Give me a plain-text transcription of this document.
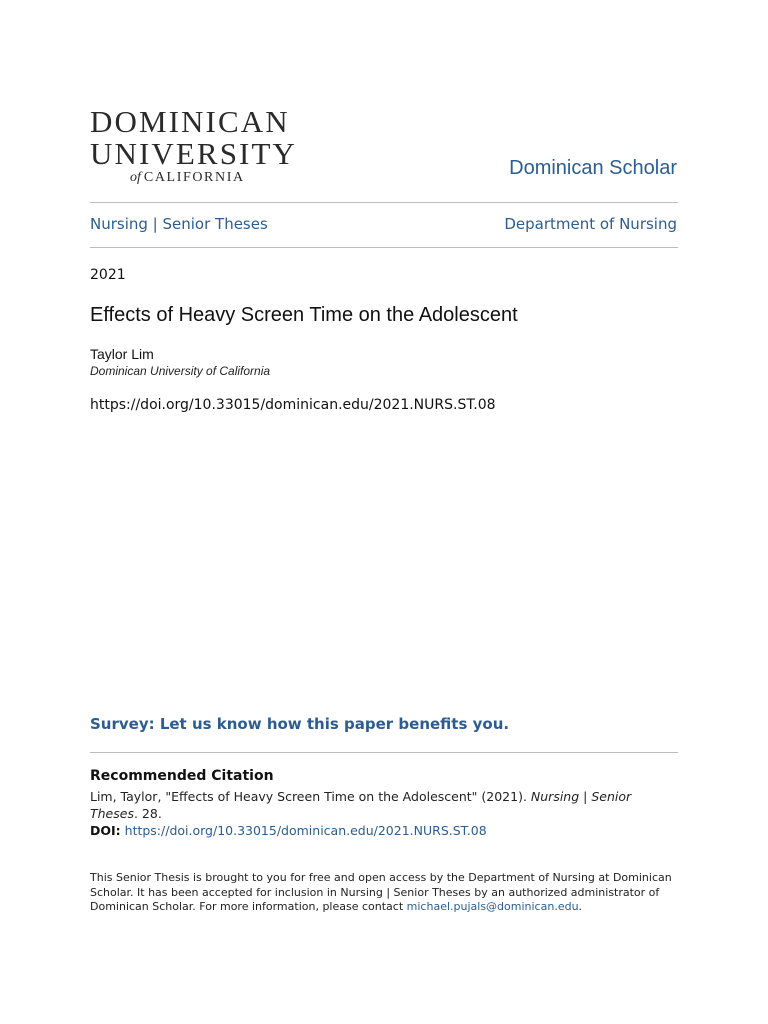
DOMINICAN
UNIVERSITY
of CALIFORNIA	Dominican Scholar
Nursing | Senior Theses	Department of Nursing
2021
Effects of Heavy Screen Time on the Adolescent
Taylor Lim
Dominican University of California
https://doi.org/10.33015/dominican.edu/2021.NURS.ST.08
Survey: Let us know how this paper benefits you.
Recommended Citation
Lim, Taylor, "Effects of Heavy Screen Time on the Adolescent" (2021). Nursing | Senior Theses. 28.
DOI: https://doi.org/10.33015/dominican.edu/2021.NURS.ST.08
This Senior Thesis is brought to you for free and open access by the Department of Nursing at Dominican Scholar. It has been accepted for inclusion in Nursing | Senior Theses by an authorized administrator of Dominican Scholar. For more information, please contact michael.pujals@dominican.edu.
